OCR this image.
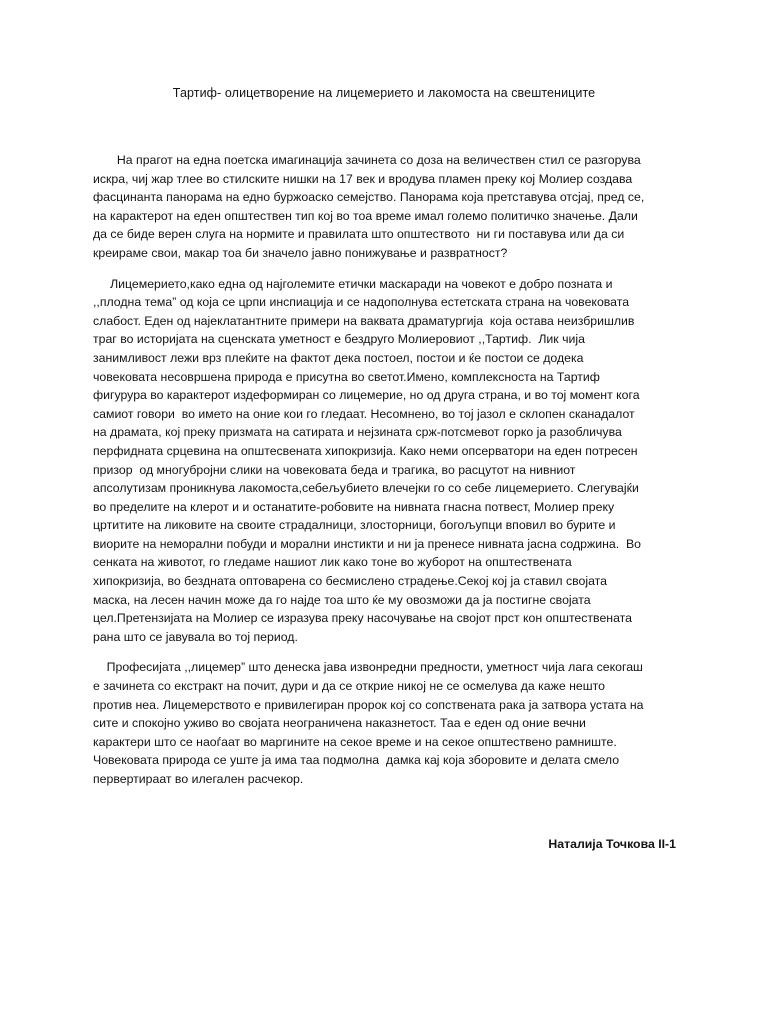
Тартиф- олицетворение на лицемерието и лакомоста на свештениците
На прагот на една поетска имагинација зачинета со доза на величествен стил се разгорува
искра, чиј жар тлее во стилските нишки на 17 век и вродува пламен преку кој Молиер создава
фасцинанта панорама на едно буржоаско семејство. Панорама која претставува отсјај, пред се,
на карактерот на еден општествен тип кој во тоа време имал големо политичко значење. Дали
да се биде верен слуга на нормите и правилата што општеството  ни ги поставува или да си
креираме свои, макар тоа би значело јавно понижување и развратност?
Лицемерието,како една од најголемите етички маскаради на човекот е добро позната и
,,плодна тема” од која се црпи инспиација и се надополнува естетската страна на човековата
слабост. Еден од најеклатантните примери на ваквата драматургија  која остава неизбришлив
траг во историјата на сценската уметност е бездруго Молиеровиот ,,Тартиф.  Лик чија
занимливост лежи врз плеќите на фактот дека постоел, постои и ќе постои се додека
човековата несовршена природа е присутна во светот.Имено, комплексноста на Тартиф
фигурура во карактерот издеформиран со лицемерие, но од друга страна, и во тој момент кога
самиот говори  во името на оние кои го гледаат. Несомнено, во тој јазол е склопен сканадалот
на драмата, кој преку призмата на сатирата и нејзината срж-потсмевот горко ја разобличува
перфидната срцевина на општесвената хипокризија. Како неми опсерватори на еден потресен
призор  од многубројни слики на човековата беда и трагика, во расцутот на нивниот
апсолутизам проникнува лакомоста,себељубието влечејки го со себе лицемерието. Слегувајќи
во пределите на клерот и и останатите-робовите на нивната гнасна потвест, Молиер преку
цртитите на ликовите на своите страдалници, злосторници, богољупци вповил во бурите и
виорите на неморални побуди и морални инстикти и ни ја пренесе нивната јасна содржина.  Во
сенката на животот, го гледаме нашиот лик како тоне во жуборот на општествената
хипокризија, во бездната оптоварена со бесмислено страдење.Секој кој ја ставил својата
маска, на лесен начин може да го најде тоа што ќе му овозможи да ја постигне својата
цел.Претензијата на Молиер се изразува преку насочување на својот прст кон општествената
рана што се јавувала во тој период.
Професијата ,,лицемер” што денеска јава извонредни предности, уметност чија лага секогаш
е зачинета со екстракт на почит, дури и да се открие никој не се осмелува да каже нешто
против неа. Лицемерството е привилегиран пророк кој со сопствената рака ја затвора устата на
сите и спокојно уживо во својата неограничена наказнетост. Таа е еден од оние вечни
карактери што се наоѓаат во маргините на секое време и на секое општествено рамниште.
Човековата природа се уште ја има таа подмолна  дамка кај која зборовите и делата смело
первертираат во илегален расчекор.
Наталија Точкова II-1
